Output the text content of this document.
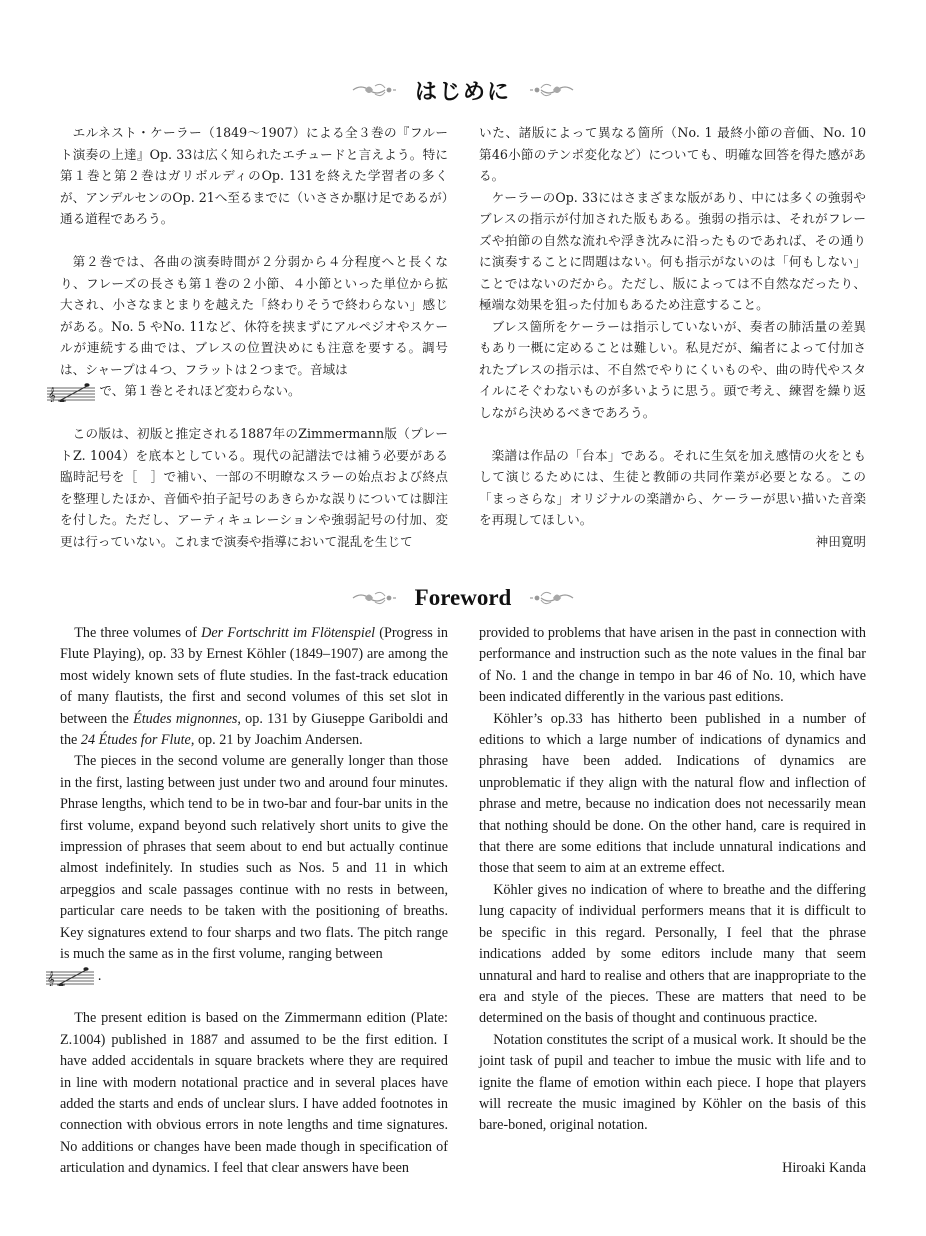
はじめに

エルネスト・ケーラー（1849〜1907）による全３巻の『フルート演奏の上達』Op. 33は広く知られたエチュードと言えよう。特に第１巻と第２巻はガリボルディのOp. 131を終えた学習者の多くが、アンデルセンのOp. 21へ至るまでに（いささか駆け足であるが）通る道程であろう。

第２巻では、各曲の演奏時間が２分弱から４分程度へと長くなり、フレーズの長さも第１巻の２小節、４小節といった単位から拡大され、小さなまとまりを越えた「終わりそうで終わらない」感じがある。No. 5 やNo. 11など、休符を挟まずにアルペジオやスケールが連続する曲では、ブレスの位置決めにも注意を要する。調号は、シャープは４つ、フラットは２つまで。音域は
で、第１巻とそれほど変わらない。

この版は、初版と推定される1887年のZimmermann版（プレートZ. 1004）を底本としている。現代の記譜法では補う必要がある臨時記号を［　］で補い、一部の不明瞭なスラーの始点および終点を整理したほか、音価や拍子記号のあきらかな誤りについては脚注を付した。ただし、アーティキュレーションや強弱記号の付加、変更は行っていない。これまで演奏や指導において混乱を生じて

いた、諸版によって異なる箇所（No. 1 最終小節の音価、No. 10 第46小節のテンポ変化など）についても、明確な回答を得た感がある。

ケーラーのOp. 33にはさまざまな版があり、中には多くの強弱やブレスの指示が付加された版もある。強弱の指示は、それがフレーズや拍節の自然な流れや浮き沈みに沿ったものであれば、その通りに演奏することに問題はない。何も指示がないのは「何もしない」ことではないのだから。ただし、版によっては不自然なだったり、極端な効果を狙った付加もあるため注意すること。

ブレス箇所をケーラーは指示していないが、奏者の肺活量の差異もあり一概に定めることは難しい。私見だが、編者によって付加されたブレスの指示は、不自然でやりにくいものや、曲の時代やスタイルにそぐわないものが多いように思う。頭で考え、練習を繰り返しながら決めるべきであろう。

楽譜は作品の「台本」である。それに生気を加え感情の火をともして演じるためには、生徒と教師の共同作業が必要となる。この「まっさらな」オリジナルの楽譜から、ケーラーが思い描いた音楽を再現してほしい。

神田寛明

Foreword

The three volumes of Der Fortschritt im Flötenspiel (Progress in Flute Playing), op. 33 by Ernest Köhler (1849–1907) are among the most widely known sets of flute studies. In the fast-track education of many flautists, the first and second volumes of this set slot in between the Études mignonnes, op. 131 by Giuseppe Gariboldi and the 24 Études for Flute, op. 21 by Joachim Andersen.

The pieces in the second volume are generally longer than those in the first, lasting between just under two and around four minutes. Phrase lengths, which tend to be in two-bar and four-bar units in the first volume, expand beyond such relatively short units to give the impression of phrases that seem about to end but actually continue almost indefinitely. In studies such as Nos. 5 and 11 in which arpeggios and scale passages continue with no rests in between, particular care needs to be taken with the positioning of breaths. Key signatures extend to four sharps and two flats. The pitch range is much the same as in the first volume, ranging between
.

The present edition is based on the Zimmermann edition (Plate: Z.1004) published in 1887 and assumed to be the first edition. I have added accidentals in square brackets where they are required in line with modern notational practice and in several places have added the starts and ends of unclear slurs. I have added footnotes in connection with obvious errors in note lengths and time signatures. No additions or changes have been made though in specification of articulation and dynamics. I feel that clear answers have been

provided to problems that have arisen in the past in connection with performance and instruction such as the note values in the final bar of No. 1 and the change in tempo in bar 46 of No. 10, which have been indicated differently in the various past editions.

Köhler’s op.33 has hitherto been published in a number of editions to which a large number of indications of dynamics and phrasing have been added. Indications of dynamics are unproblematic if they align with the natural flow and inflection of phrase and metre, because no indication does not necessarily mean that nothing should be done. On the other hand, care is required in that there are some editions that include unnatural indications and those that seem to aim at an extreme effect.

Köhler gives no indication of where to breathe and the differing lung capacity of individual performers means that it is difficult to be specific in this regard. Personally, I feel that the phrase indications added by some editors include many that seem unnatural and hard to realise and others that are inappropriate to the era and style of the pieces. These are matters that need to be determined on the basis of thought and continuous practice.

Notation constitutes the script of a musical work. It should be the joint task of pupil and teacher to imbue the music with life and to ignite the flame of emotion within each piece. I hope that players will recreate the music imagined by Köhler on the basis of this bare-boned, original notation.

Hiroaki Kanda
